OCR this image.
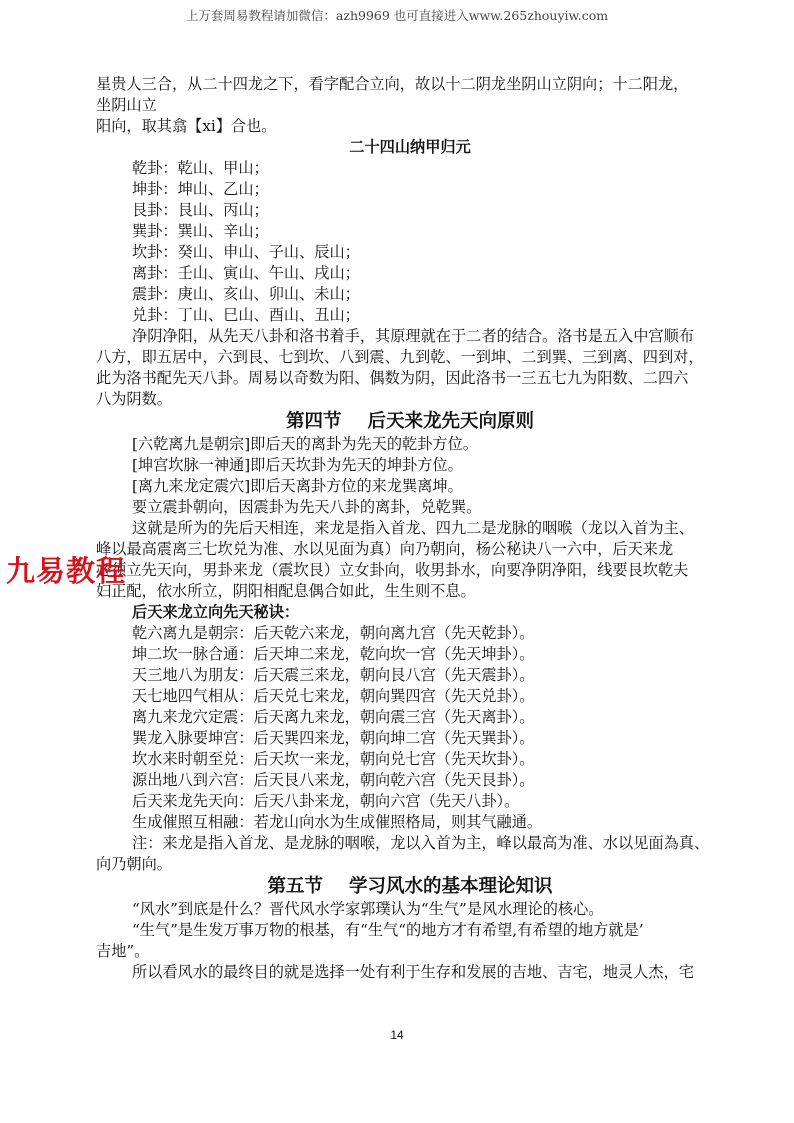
上万套周易教程请加微信：azh9969 也可直接进入www.265zhouyiw.com

星贵人三合，从二十四龙之下，看字配合立向，故以十二阴龙坐阴山立阴向；十二阳龙，

坐阴山立

阳向，取其翕【xi】合也。

二十四山纳甲归元

乾卦：乾山、甲山；

坤卦：坤山、乙山；

艮卦：艮山、丙山；

巽卦：巽山、辛山；

坎卦：癸山、申山、子山、辰山；

离卦：壬山、寅山、午山、戌山；

震卦：庚山、亥山、卯山、未山；

兑卦：丁山、巳山、酉山、丑山；

净阴净阳，从先天八卦和洛书着手，其原理就在于二者的结合。洛书是五入中宫顺布

八方，即五居中，六到艮、七到坎、八到震、九到乾、一到坤、二到巽、三到离、四到对，

此为洛书配先天八卦。周易以奇数为阳、偶数为阴，因此洛书一三五七九为阳数、二四六

八为阴数。

第四节 后天来龙先天向原则

[六乾离九是朝宗]即后天的离卦为先天的乾卦方位。

[坤宫坎脉一神通]即后天坎卦为先天的坤卦方位。

[离九来龙定震穴]即后天离卦方位的来龙巽离坤。

要立震卦朝向，因震卦为先天八卦的离卦，兑乾巽。

这就是所为的先后天相连，来龙是指入首龙、四九二是龙脉的咽喉（龙以入首为主、

峰以最高震离三七坎兑为准、水以见面为真）向乃朝向，杨公秘诀八一六中，后天来龙

必须立先天向，男卦来龙（震坎艮）立女卦向，收男卦水，向要净阴净阳，线要艮坎乾夫

妇正配，依水所立，阴阳相配息偶合如此，生生则不息。

后天来龙立向先天秘诀：

乾六离九是朝宗：后天乾六来龙，朝向离九宫（先天乾卦）。

坤二坎一脉合通：后天坤二来龙，乾向坎一宫（先天坤卦）。

天三地八为朋友：后天震三来龙，朝向艮八宫（先天震卦）。

天七地四气相从：后天兑七来龙，朝向巽四宫（先天兑卦）。

离九来龙穴定震：后天离九来龙，朝向震三宫（先天离卦）。

巽龙入脉要坤宫：后天巽四来龙，朝向坤二宫（先天巽卦）。

坎水来时朝至兑：后天坎一来龙，朝向兑七宫（先天坎卦）。

源出地八到六宫：后天艮八来龙，朝向乾六宫（先天艮卦）。

后天来龙先天向：后天八卦来龙，朝向六宫（先天八卦）。

生成催照互相融：若龙山向水为生成催照格局，则其气融通。

注：来龙是指入首龙、是龙脉的咽喉，龙以入首为主，峰以最高为准、水以见面為真、

向乃朝向。

第五节 学习风水的基本理论知识

“风水”到底是什么？晋代风水学家郭璞认为“生气”是风水理论的核心。

“生气”是生发万事万物的根基，有“生气“的地方才有希望,有希望的地方就是’

吉地”。

所以看风水的最终目的就是选择一处有利于生存和发展的吉地、吉宅，地灵人杰，宅

九易教程
14
